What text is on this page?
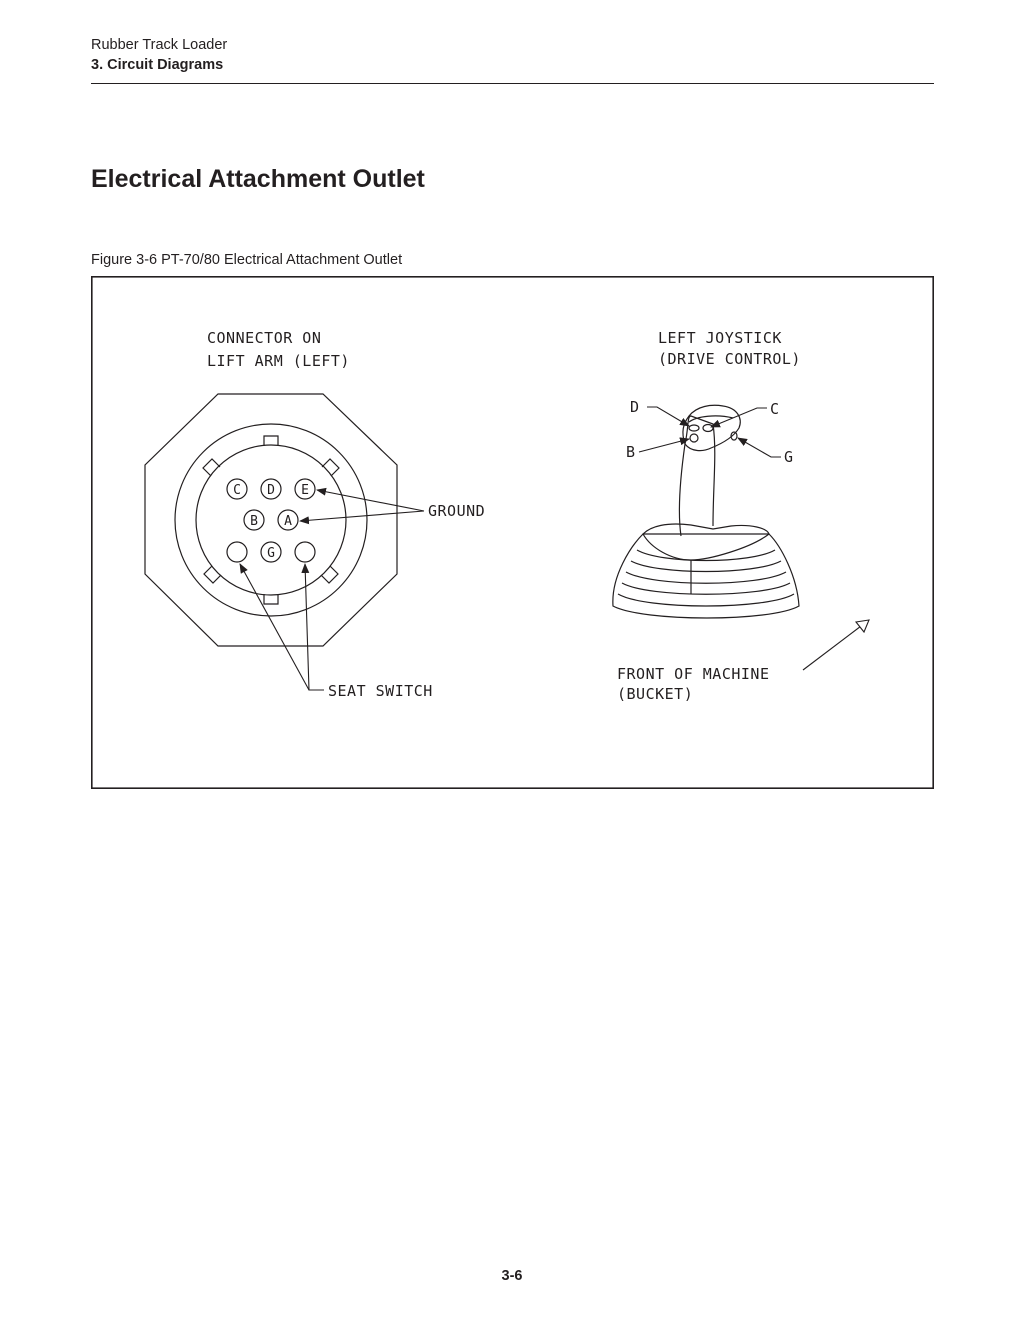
Rubber Track Loader
3. Circuit Diagrams
Electrical Attachment Outlet
Figure 3-6 PT-70/80 Electrical Attachment Outlet
CONNECTOR ON
LIFT ARM (LEFT)
C D E
B A
G
GROUND
SEAT SWITCH
LEFT JOYSTICK
(DRIVE CONTROL)
D	C
B	G
FRONT OF MACHINE
(BUCKET)
3-6
